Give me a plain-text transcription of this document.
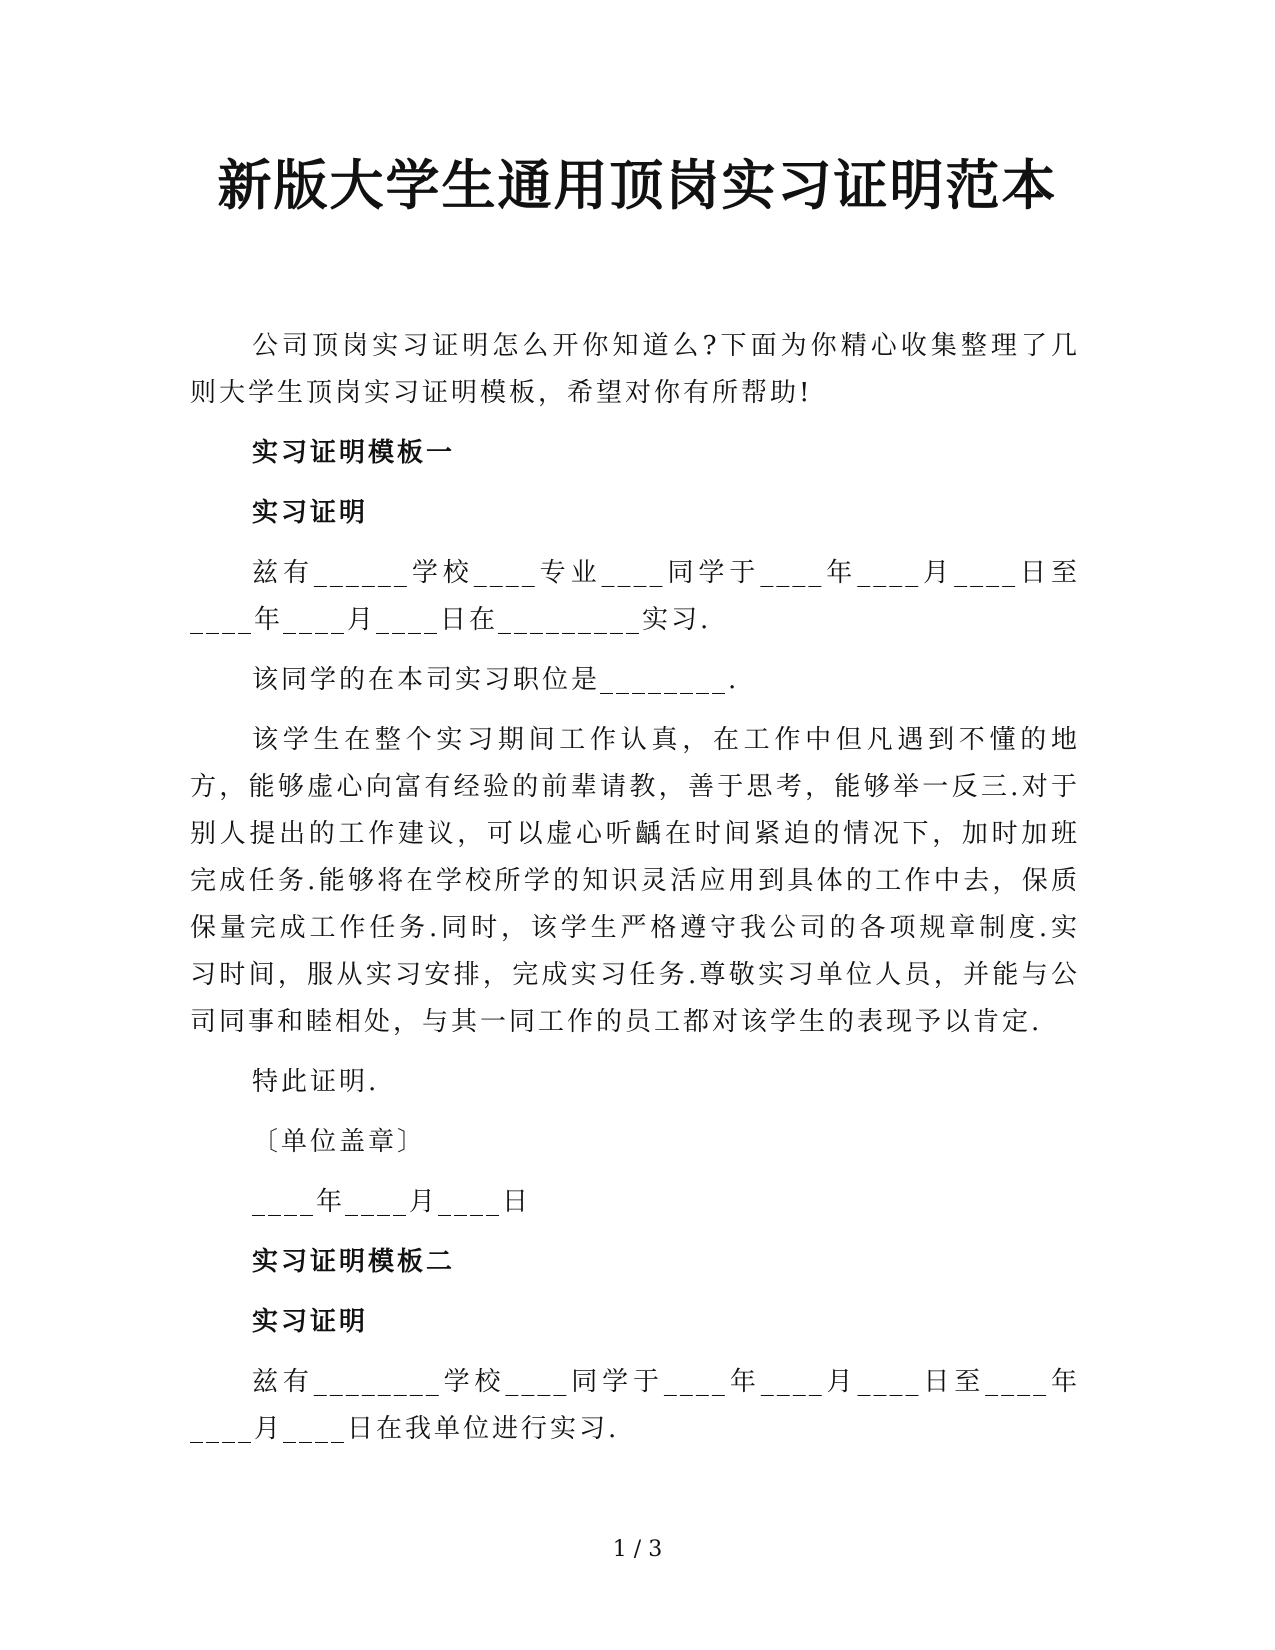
新版大学生通用顶岗实习证明范本

公司顶岗实习证明怎么开你知道么?下面为你精心收集整理了几则大学生顶岗实习证明模板，希望对你有所帮助!

实习证明模板一

实习证明

兹有______学校____专业____同学于____年____月____日至____年____月____日在_________实习.

该同学的在本司实习职位是________.

该学生在整个实习期间工作认真，在工作中但凡遇到不懂的地方，能够虚心向富有经验的前辈请教，善于思考，能够举一反三.对于别人提出的工作建议，可以虚心听齲在时间紧迫的情况下，加时加班完成任务.能够将在学校所学的知识灵活应用到具体的工作中去，保质保量完成工作任务.同时，该学生严格遵守我公司的各项规章制度.实习时间，服从实习安排，完成实习任务.尊敬实习单位人员，并能与公司同事和睦相处，与其一同工作的员工都对该学生的表现予以肯定.

特此证明.

〔单位盖章〕

____年____月____日

实习证明模板二

实习证明

兹有________学校____同学于____年____月____日至____年____月____日在我单位进行实习.

1 / 3
